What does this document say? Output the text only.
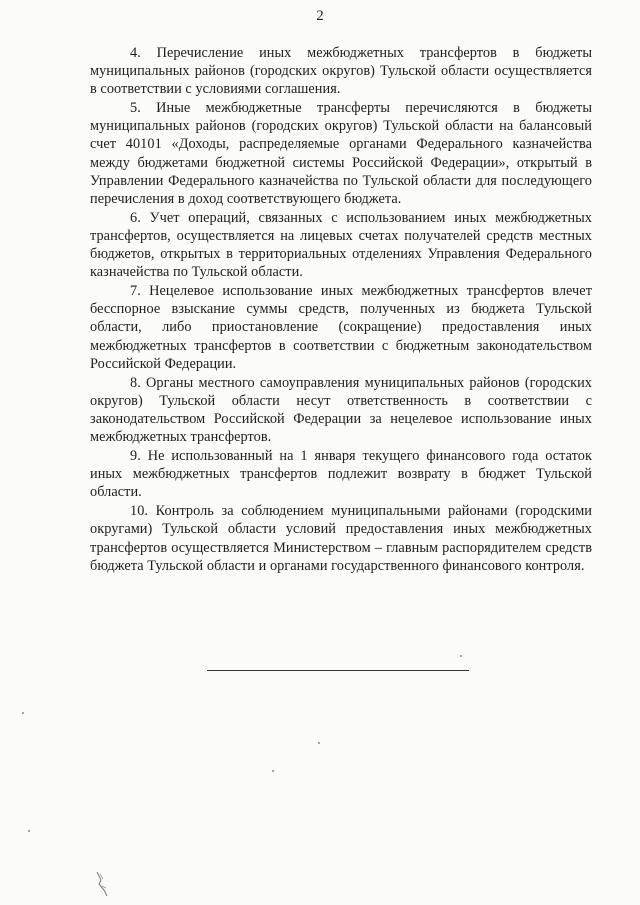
2

4. Перечисление иных межбюджетных трансфертов в бюджеты муниципальных районов (городских округов) Тульской области осуществляется в соответствии с условиями соглашения.

5. Иные межбюджетные трансферты перечисляются в бюджеты муниципальных районов (городских округов) Тульской области на балансовый счет 40101 «Доходы, распределяемые органами Федерального казначейства между бюджетами бюджетной системы Российской Федерации», открытый в Управлении Федерального казначейства по Тульской области для последующего перечисления в доход соответствующего бюджета.

6. Учет операций, связанных с использованием иных межбюджетных трансфертов, осуществляется на лицевых счетах получателей средств местных бюджетов, открытых в территориальных отделениях Управления Федерального казначейства по Тульской области.

7. Нецелевое использование иных межбюджетных трансфертов влечет бесспорное взыскание суммы средств, полученных из бюджета Тульской области, либо приостановление (сокращение) предоставления иных межбюджетных трансфертов в соответствии с бюджетным законодательством Российской Федерации.

8. Органы местного самоуправления муниципальных районов (городских округов) Тульской области несут ответственность в соответствии с законодательством Российской Федерации за нецелевое использование иных межбюджетных трансфертов.

9. Не использованный на 1 января текущего финансового года остаток иных межбюджетных трансфертов подлежит возврату в бюджет Тульской области.

10. Контроль за соблюдением муниципальными районами (городскими округами) Тульской области условий предоставления иных межбюджетных трансфертов осуществляется Министерством – главным распорядителем средств бюджета Тульской области и органами государственного финансового контроля.
